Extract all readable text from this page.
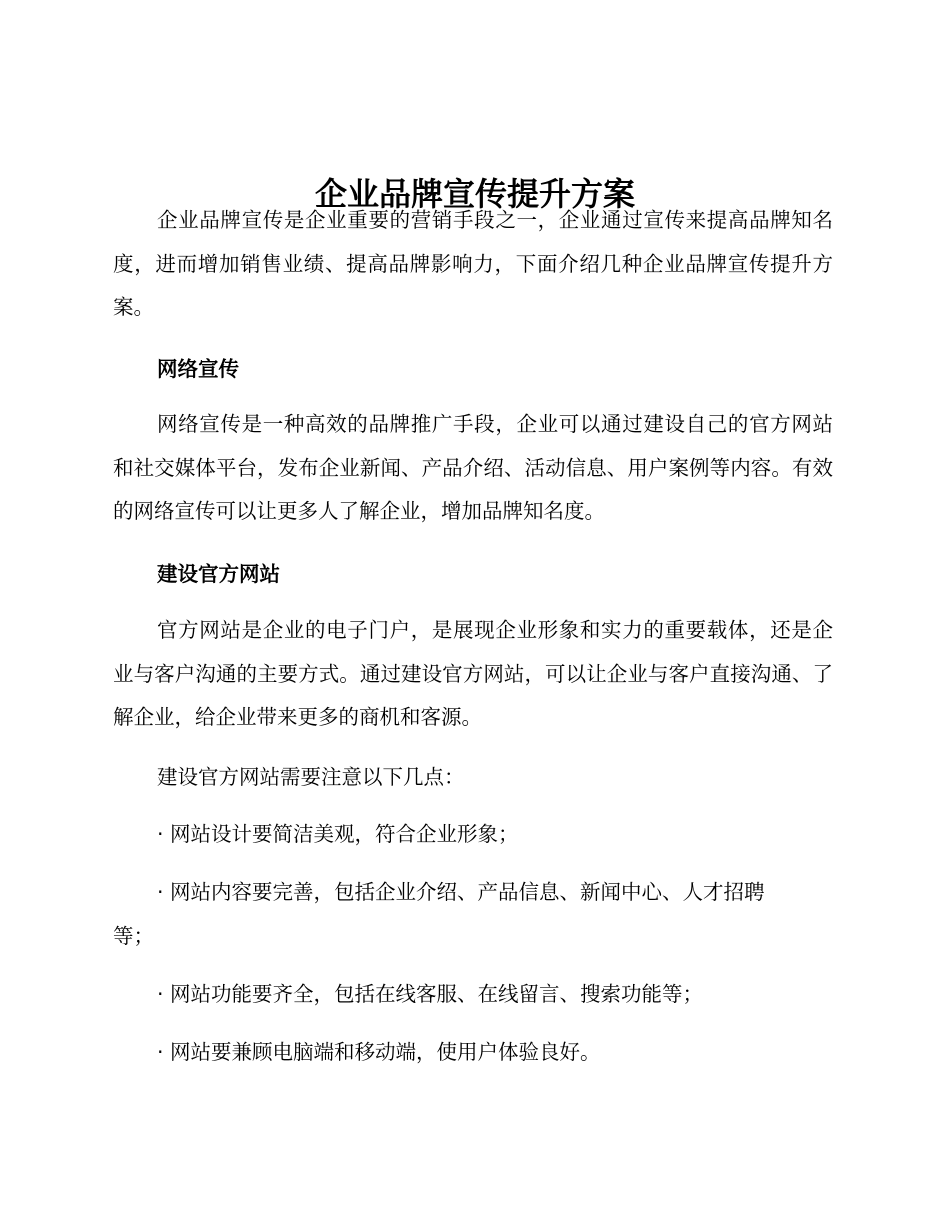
企业品牌宣传提升方案

企业品牌宣传是企业重要的营销手段之一，企业通过宣传来提高品牌知名度，进而增加销售业绩、提高品牌影响力，下面介绍几种企业品牌宣传提升方案。

网络宣传

网络宣传是一种高效的品牌推广手段，企业可以通过建设自己的官方网站和社交媒体平台，发布企业新闻、产品介绍、活动信息、用户案例等内容。有效的网络宣传可以让更多人了解企业，增加品牌知名度。

建设官方网站

官方网站是企业的电子门户，是展现企业形象和实力的重要载体，还是企业与客户沟通的主要方式。通过建设官方网站，可以让企业与客户直接沟通、了解企业，给企业带来更多的商机和客源。

建设官方网站需要注意以下几点：

· 网站设计要简洁美观，符合企业形象；

· 网站内容要完善，包括企业介绍、产品信息、新闻中心、人才招聘等；

· 网站功能要齐全，包括在线客服、在线留言、搜索功能等；

· 网站要兼顾电脑端和移动端，使用户体验良好。
